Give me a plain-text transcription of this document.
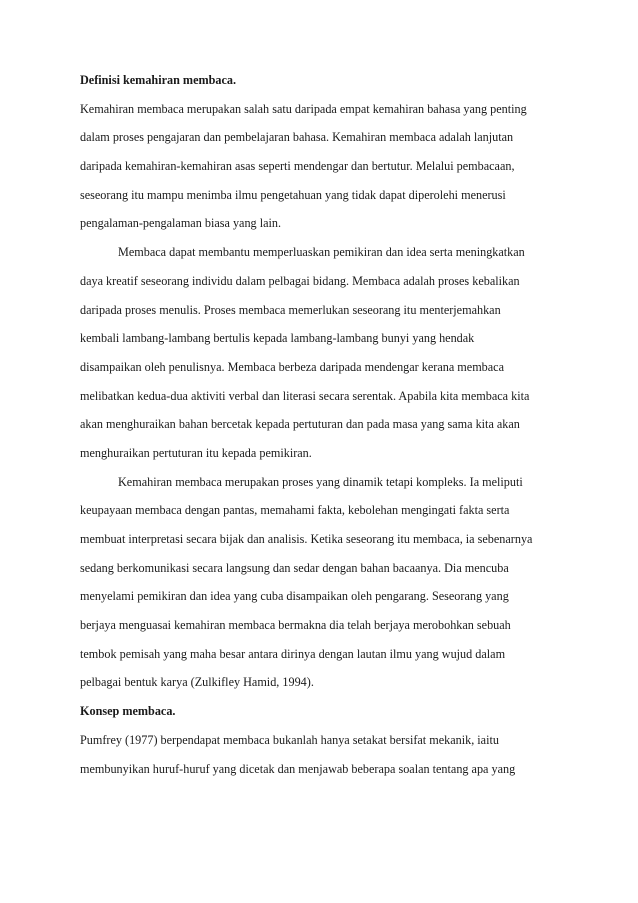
Definisi kemahiran membaca.

Kemahiran membaca merupakan salah satu daripada empat kemahiran bahasa yang penting

dalam proses pengajaran dan pembelajaran bahasa. Kemahiran membaca adalah lanjutan

daripada kemahiran-kemahiran asas seperti mendengar dan bertutur. Melalui pembacaan,

seseorang itu mampu menimba ilmu pengetahuan yang tidak dapat diperolehi menerusi

pengalaman-pengalaman biasa yang lain.

Membaca dapat membantu memperluaskan pemikiran dan idea serta meningkatkan

daya kreatif seseorang individu dalam pelbagai bidang. Membaca adalah proses kebalikan

daripada proses menulis. Proses membaca memerlukan seseorang itu menterjemahkan

kembali lambang-lambang bertulis kepada lambang-lambang bunyi yang hendak

disampaikan oleh penulisnya. Membaca berbeza daripada mendengar kerana membaca

melibatkan kedua-dua aktiviti verbal dan literasi secara serentak. Apabila kita membaca kita

akan menghuraikan bahan bercetak kepada pertuturan dan pada masa yang sama kita akan

menghuraikan pertuturan itu kepada pemikiran.

Kemahiran membaca merupakan proses yang dinamik tetapi kompleks. Ia meliputi

keupayaan membaca dengan pantas, memahami fakta, kebolehan mengingati fakta serta

membuat interpretasi secara bijak dan analisis. Ketika seseorang itu membaca, ia sebenarnya

sedang berkomunikasi secara langsung dan sedar dengan bahan bacaanya. Dia mencuba

menyelami pemikiran dan idea yang cuba disampaikan oleh pengarang. Seseorang yang

berjaya menguasai kemahiran membaca bermakna dia telah berjaya merobohkan sebuah

tembok pemisah yang maha besar antara dirinya dengan lautan ilmu yang wujud dalam

pelbagai bentuk karya (Zulkifley Hamid, 1994).

Konsep membaca.

Pumfrey (1977) berpendapat membaca bukanlah hanya setakat bersifat mekanik, iaitu

membunyikan huruf-huruf yang dicetak dan menjawab beberapa soalan tentang apa yang
